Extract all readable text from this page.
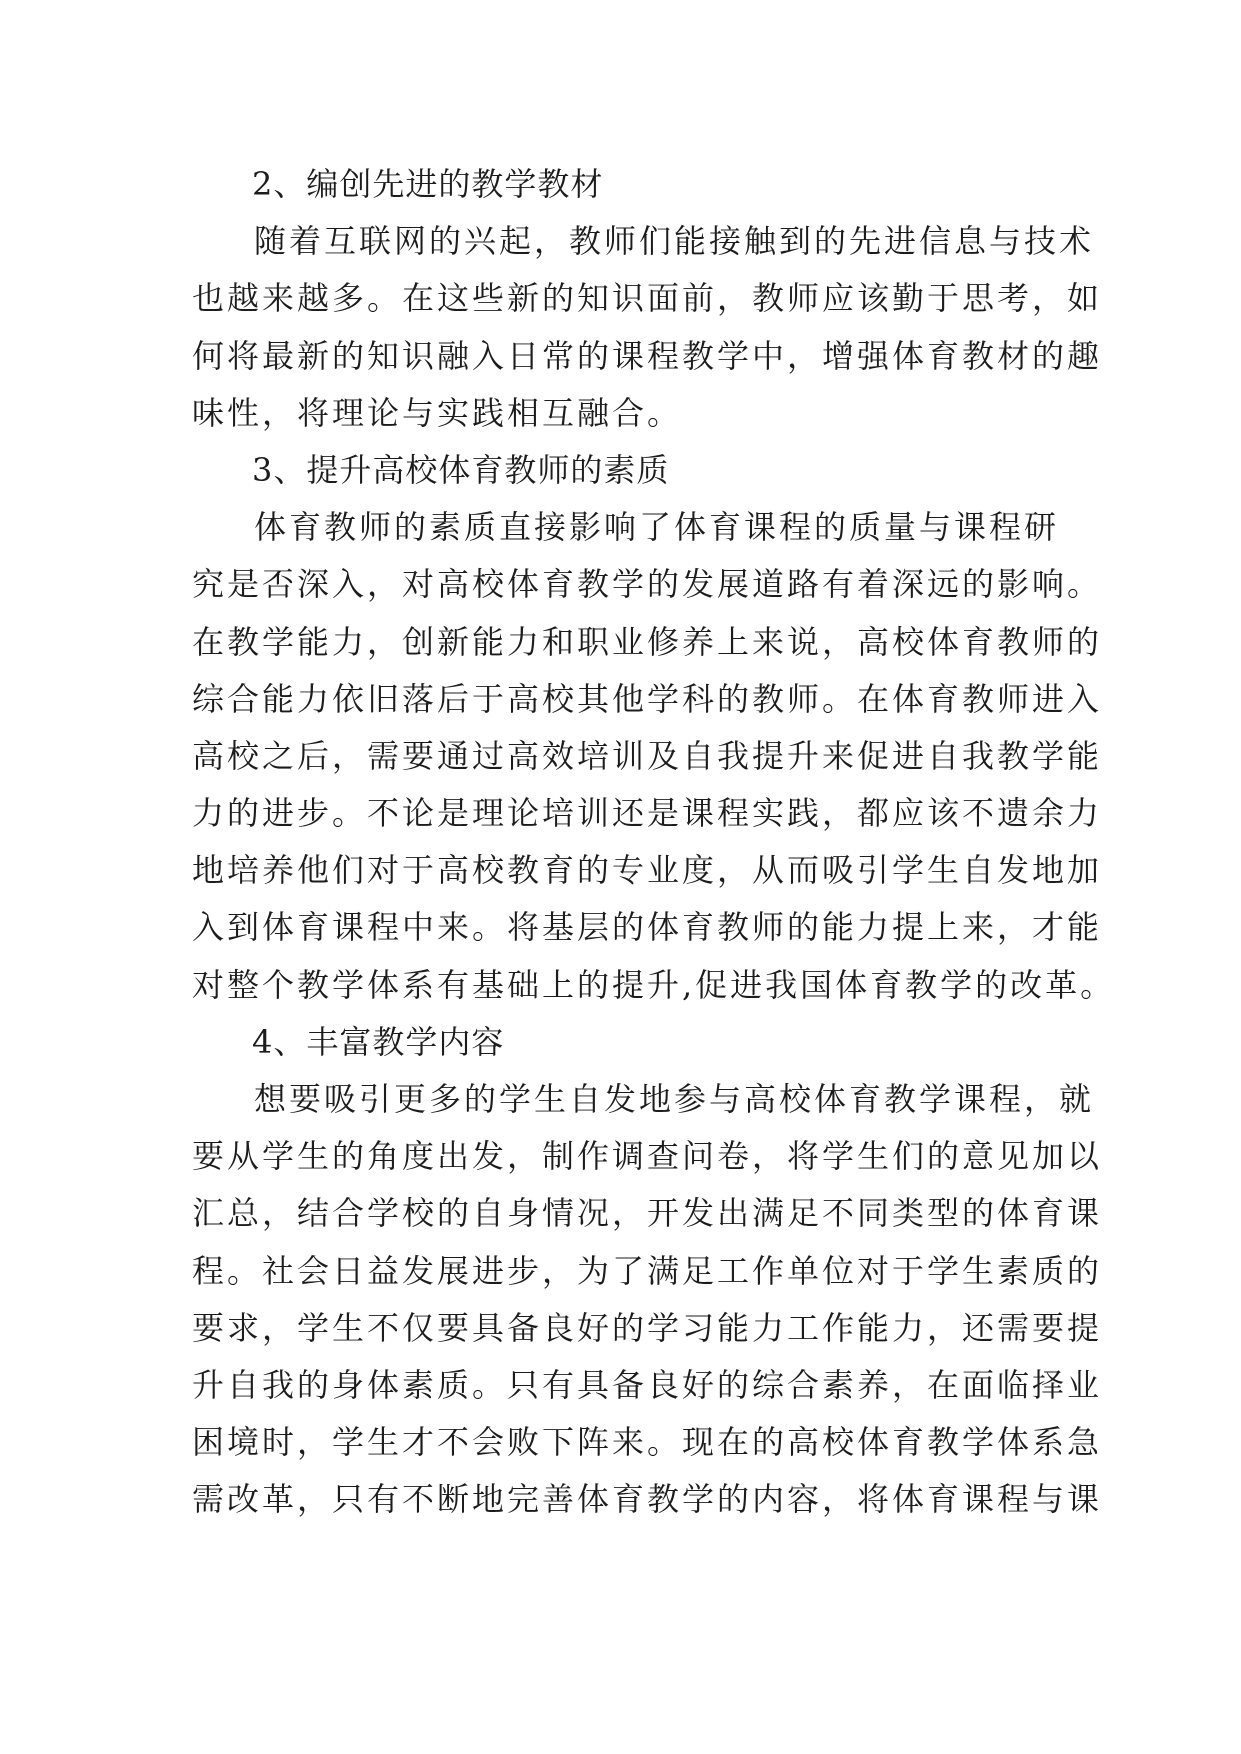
2、编创先进的教学教材
随着互联网的兴起，教师们能接触到的先进信息与技术
也越来越多。在这些新的知识面前，教师应该勤于思考，如
何将最新的知识融入日常的课程教学中，增强体育教材的趣
味性，将理论与实践相互融合。
3、提升高校体育教师的素质
体育教师的素质直接影响了体育课程的质量与课程研
究是否深入，对高校体育教学的发展道路有着深远的影响。
在教学能力，创新能力和职业修养上来说，高校体育教师的
综合能力依旧落后于高校其他学科的教师。在体育教师进入
高校之后，需要通过高效培训及自我提升来促进自我教学能
力的进步。不论是理论培训还是课程实践，都应该不遗余力
地培养他们对于高校教育的专业度，从而吸引学生自发地加
入到体育课程中来。将基层的体育教师的能力提上来，才能
对整个教学体系有基础上的提升,促进我国体育教学的改革。
4、丰富教学内容
想要吸引更多的学生自发地参与高校体育教学课程，就
要从学生的角度出发，制作调查问卷，将学生们的意见加以
汇总，结合学校的自身情况，开发出满足不同类型的体育课
程。社会日益发展进步，为了满足工作单位对于学生素质的
要求，学生不仅要具备良好的学习能力工作能力，还需要提
升自我的身体素质。只有具备良好的综合素养，在面临择业
困境时，学生才不会败下阵来。现在的高校体育教学体系急
需改革，只有不断地完善体育教学的内容，将体育课程与课
